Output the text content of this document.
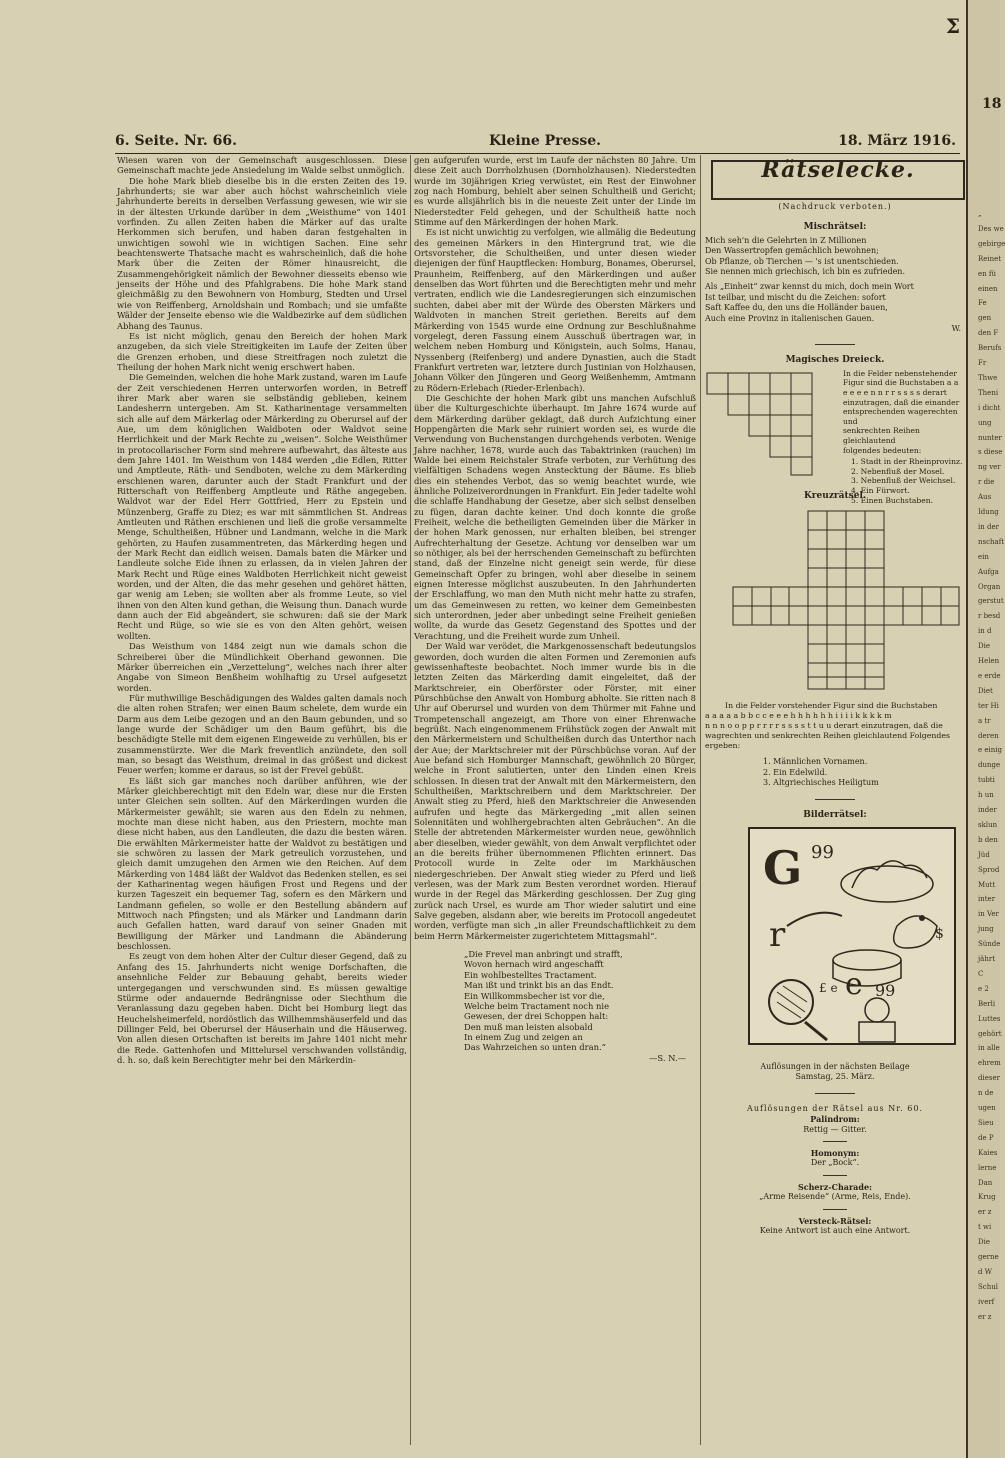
Σ
6. Seite. Nr. 66.	Kleine Presse.	18. März 1916.

Wiesen waren von der Gemeinschaft ausgeschlossen. Diese Gemeinschaft machte jede Ansiedelung im Walde selbst unmöglich.

Die hohe Mark blieb dieselbe bis in die ersten Zeiten des 19. Jahrhunderts; sie war aber auch höchst wahrscheinlich viele Jahrhunderte bereits in derselben Verfassung gewesen, wie wir sie in der ältesten Urkunde darüber in dem „Weisthume“ von 1401 vorfinden. Zu allen Zeiten haben die Märker auf das uralte Herkommen sich berufen, und haben daran festgehalten in unwichtigen sowohl wie in wichtigen Sachen. Eine sehr beachtenswerte Thatsache macht es wahrscheinlich, daß die hohe Mark über die Zeiten der Römer hinausreicht, die Zusammengehörigkeit nämlich der Bewohner diesseits ebenso wie jenseits der Höhe und des Pfahlgrabens. Die hohe Mark stand gleichmäßig zu den Bewohnern von Homburg, Stedten und Ursel wie von Reiffenberg, Arnoldshain und Rombach; und sie umfaßte Wälder der Jenseite ebenso wie die Waldbezirke auf dem südlichen Abhang des Taunus.

Es ist nicht möglich, genau den Bereich der hohen Mark anzugeben, da sich viele Streitigkeiten im Laufe der Zeiten über die Grenzen erhoben, und diese Streitfragen noch zuletzt die Theilung der hohen Mark nicht wenig erschwert haben.

Die Gemeinden, welchen die hohe Mark zustand, waren im Laufe der Zeit verschiedenen Herren unterworfen worden, in Betreff ihrer Mark aber waren sie selbständig geblieben, keinem Landesherrn untergeben. Am St. Katharinentage versammelten sich alle auf dem Märkerlag oder Märkerding zu Oberursel auf der Aue, um dem königlichen Waldboten oder Waldvot seine Herrlichkeit und der Mark Rechte zu „weisen“. Solche Weisthümer in protocollarischer Form sind mehrere aufbewahrt, das älteste aus dem Jahre 1401. Im Weisthum von 1484 werden „die Edlen, Ritter und Amptleute, Räth- und Sendboten, welche zu dem Märkerding erschienen waren, darunter auch der Stadt Frankfurt und der Ritterschaft von Reiffenberg Amptleute und Räthe angegeben. Waldvot war der Edel Herr Gottfried, Herr zu Epstein und Münzenberg, Graffe zu Diez; es war mit sämmtlichen St. Andreas Amtleuten und Räthen erschienen und ließ die große versammelte Menge, Schultheißen, Hübner und Landmann, welche in die Mark gehörten, zu Haufen zusammentreten, das Märkerding hegen und der Mark Recht dan eidlich weisen. Damals baten die Märker und Landleute solche Eide ihnen zu erlassen, da in vielen Jahren der Mark Recht und Rüge eines Waldboten Herrlichkeit nicht geweist worden, und der Alten, die das mehr gesehen und gehöret hätten, gar wenig am Leben; sie wollten aber als fromme Leute, so viel ihnen von den Alten kund gethan, die Weisung thun. Danach wurde dann auch der Eid abgeändert, sie schwuren: daß sie der Mark Recht und Rüge, so wie sie es von den Alten gehört, weisen wollten.

Das Weisthum von 1484 zeigt nun wie damals schon die Schreiberei über die Mündlichkeit Oberhand gewonnen. Die Märker überreichen ein „Verzettelung“, welches nach ihrer alter Angabe von Simeon Benßheim wohlhaftig zu Ursel aufgesetzt worden.

Für muthwillige Beschädigungen des Waldes galten damals noch die alten rohen Strafen; wer einen Baum schelete, dem wurde ein Darm aus dem Leibe gezogen und an den Baum gebunden, und so lange wurde der Schädiger um den Baum geführt, bis die beschädigte Stelle mit dem eigenen Eingeweide zu verhüllen, bis er zusammenstürzte. Wer die Mark freventlich anzündete, den soll man, so besagt das Weisthum, dreimal in das größest und dickest Feuer werfen; komme er daraus, so ist der Frevel gebüßt.

Es läßt sich gar manches noch darüber anführen, wie der Märker gleichberechtigt mit den Edeln war, diese nur die Ersten unter Gleichen sein sollten. Auf den Märkerdingen wurden die Märkermeister gewählt; sie waren aus den Edeln zu nehmen, mochte man diese nicht haben, aus den Priestern, mochte man diese nicht haben, aus den Landleuten, die dazu die besten wären. Die erwählten Märkermeister hatte der Waldvot zu bestätigen und sie schwören zu lassen der Mark getreulich vorzustehen, und gleich damit umzugehen den Armen wie den Reichen. Auf dem Märkerding von 1484 läßt der Waldvot das Bedenken stellen, es sei der Katharinentag wegen häufigen Frost und Regens und der kurzen Tageszeit ein bequemer Tag, sofern es den Märkern und Landmann gefielen, so wolle er den Bestellung abändern auf Mittwoch nach Pfingsten; und als Märker und Landmann darin auch Gefallen hatten, ward darauf von seiner Gnaden mit Bewilligung der Märker und Landmann die Abänderung beschlossen.

Es zeugt von dem hohen Alter der Cultur dieser Gegend, daß zu Anfang des 15. Jahrhunderts nicht wenige Dorfschaften, die ansehnliche Felder zur Bebauung gehabt, bereits wieder untergegangen und verschwunden sind. Es müssen gewaltige Stürme oder andauernde Bedrängnisse oder Siechthum die Veranlassung dazu gegeben haben. Dicht bei Homburg liegt das Heuchelsheimerfeld, nordöstlich das Willhemmshäuserfeld und das Dillinger Feld, bei Oberursel der Häuserhain und die Häuserweg. Von allen diesen Ortschaften ist bereits im Jahre 1401 nicht mehr die Rede. Gattenhofen und Mittelursel verschwanden vollständig, d. h. so, daß kein Berechtigter mehr bei den Märkerdin-

gen aufgerufen wurde, erst im Laufe der nächsten 80 Jahre. Um diese Zeit auch Dorrholzhusen (Dornholzhausen). Niederstedten wurde im 30jährigen Krieg verwüstet, ein Rest der Einwohner zog nach Homburg, behielt aber seinen Schultheiß und Gericht; es wurde allsjährlich bis in die neueste Zeit unter der Linde im Niederstedter Feld gehegen, und der Schultheiß hatte noch Stimme auf den Märkerdingen der hohen Mark.

Es ist nicht unwichtig zu verfolgen, wie allmälig die Bedeutung des gemeinen Märkers in den Hintergrund trat, wie die Ortsvorsteher, die Schultheißen, und unter diesen wieder diejenigen der fünf Hauptflecken: Homburg, Bonames, Oberursel, Praunheim, Reiffenberg, auf den Märkerdingen und außer denselben das Wort führten und die Berechtigten mehr und mehr vertraten, endlich wie die Landesregierungen sich einzumischen suchten, dabei aber mit der Würde des Obersten Märkers und Waldvoten in manchen Streit geriethen. Bereits auf dem Märkerding von 1545 wurde eine Ordnung zur Beschlußnahme vorgelegt, deren Fassung einem Ausschuß übertragen war, in welchem neben Homburg und Königstein, auch Solms, Hanau, Nyssenberg (Reifenberg) und andere Dynastien, auch die Stadt Frankfurt vertreten war, letztere durch Justinian von Holzhausen, Johann Völker den Jüngeren und Georg Weißenhemm, Amtmann zu Rödern-Erlebach (Rieder-Erlenbach).

Die Geschichte der hohen Mark gibt uns manchen Aufschluß über die Kulturgeschichte überhaupt. Im Jahre 1674 wurde auf dem Märkerding darüber geklagt, daß durch Aufzichtung einer Hoppengärten die Mark sehr ruiniert worden sei, es wurde die Verwendung von Buchenstangen durchgehends verboten. Wenige Jahre nachher, 1678, wurde auch das Tabaktrinken (rauchen) im Walde bei einem Reichstaler Strafe verboten, zur Verhütung des vielfältigen Schadens wegen Anstecktung der Bäume. Es blieb dies ein stehendes Verbot, das so wenig beachtet wurde, wie ähnliche Polizeiverordnungen in Frankfurt. Ein Jeder tadelte wohl die schlaffe Handhabung der Gesetze, aber sich selbst denselben zu fügen, daran dachte keiner. Und doch konnte die große Freiheit, welche die betheiligten Gemeinden über die Märker in der hohen Mark genossen, nur erhalten bleiben, bei strenger Aufrechterhaltung der Gesetze. Achtung vor denselben war um so nöthiger, als bei der herrschenden Gemeinschaft zu befürchten stand, daß der Einzelne nicht geneigt sein werde, für diese Gemeinschaft Opfer zu bringen, wohl aber dieselbe in seinem eignen Interesse möglichst auszubeuten. In den Jahrhunderten der Erschlaffung, wo man den Muth nicht mehr hatte zu strafen, um das Gemeinwesen zu retten, wo keiner dem Gemeinbesten sich unterordnen, jeder aber unbedingt seine Freiheit genießen wollte, da wurde das Gesetz Gegenstand des Spottes und der Verachtung, und die Freiheit wurde zum Unheil.

Der Wald war verödet, die Markgenossenschaft bedeutungslos geworden, doch wurden die alten Formen und Zeremonien aufs gewissenhafteste beobachtet. Noch immer wurde bis in die letzten Zeiten das Märkerding damit eingeleitet, daß der Marktschreier, ein Oberförster oder Förster, mit einer Pürschbüchse den Anwalt von Homburg abholte. Sie ritten nach 8 Uhr auf Oberursel und wurden von dem Thürmer mit Fahne und Trompetenschall angezeigt, am Thore von einer Ehrenwache begrüßt. Nach eingenommenem Frühstück zogen der Anwalt mit den Märkermeistern und Schultheißen durch das Unterthor nach der Aue; der Marktschreier mit der Pürschbüchse voran. Auf der Aue befand sich Homburger Mannschaft, gewöhnlich 20 Bürger, welche in Front salutierten, unter den Linden einen Kreis schlossen. In diesen trat der Anwalt mit den Märkermeistern, den Schultheißen, Marktschreibern und dem Marktschreier. Der Anwalt stieg zu Pferd, hieß den Marktschreier die Anwesenden aufrufen und hegte das Märkergeding „mit allen seinen Solennitäten und wohlhergebrachten alten Gebräuchen“. An die Stelle der abtretenden Märkermeister wurden neue, gewöhnlich aber dieselben, wieder gewählt, von dem Anwalt verpflichtet oder an die bereits früher übernommenen Pflichten erinnert. Das Protocoll wurde in Zelte oder im Markhäuschen niedergeschrieben. Der Anwalt stieg wieder zu Pferd und ließ verlesen, was der Mark zum Besten verordnet worden. Hierauf wurde in der Regel das Märkerding geschlossen. Der Zug ging zurück nach Ursel, es wurde am Thor wieder salutirt und eine Salve gegeben, alsdann aber, wie bereits im Protocoll angedeutet worden, verfügte man sich „in aller Freundschaftlichkeit zu dem beim Herrn Märkermeister zugerichtetem Mittagsmahl“.

„Die Frevel man anbringt und strafft,
Wovon hernach wird angeschafft
Ein wohlbestelltes Tractament.
Man ißt und trinkt bis an das Endt.
Ein Willkommsbecher ist vor die,
Welche beim Tractament noch nie
Gewesen, der drei Schoppen halt:
Den muß man leisten alsobald
In einem Zug und zeigen an
Das Wahrzeichen so unten dran.“
—S. N.—
Rätselecke.
(Nachdruck verboten.)
Mischrätsel:

Mich seh'n die Gelehrten in Z Millionen

Den Wassertropfen gemächlich bewohnen;

Ob Pflanze, ob Tierchen — 's ist unentschieden.

Sie nennen mich griechisch, ich bin es zufrieden.

Als „Einheit“ zwar kennst du mich, doch mein Wort

Ist teilbar, und mischt du die Zeichen: sofort

Saft Kaffee du, den uns die Holländer bauen,

Auch eine Provinz in italienischen Gauen.

W.
Magisches Dreieck.
In die Felder nebenstehender
Figur sind die Buchstaben a a
e e e e n n r r s s s s derart
einzutragen, daß die einander
entsprechenden wagerechten und
senkrechten Reihen gleichlautend
folgendes bedeuten:
1. Stadt in der Rheinprovinz.
2. Nebenfluß der Mosel.
3. Nebenfluß der Weichsel.
4. Ein Fürwort.
5. Einen Buchstaben.
Kreuzrätsel.
In die Felder vorstehender Figur sind die Buchstaben
a a a a a b b c c e e e h h h h h h i i i i k k k k m
n n n o o p p r r r r s s s s t t u u derart einzutragen, daß die wagrechten und senkrechten Reihen gleichlautend Folgendes ergeben:

1. Männlichen Vornamen.

2. Ein Edelwild.

3. Altgriechisches Heiligtum

Bilderrätsel:
G 99
r	$
£ e e 99
Auflösungen in der nächsten Beilage
Samstag, 25. März.
Auflösungen der Rätsel aus Nr. 60.

Palindrom:

Rettig — Gitter.

Homonym:

Der „Bock“.

Scherz-Charade:

„Arme Reisende“ (Arme, Reis, Ende).

Versteck-Rätsel:

Keine Antwort ist auch eine Antwort.

18
„
Des we
gebirge
Reinet
en fü
einen
Fe
gen
den F
Berufs
Fr
Thwe
Theni
i dicht
ung
nunter
s diese
ng ver
r die
Aus
Idung
in der
nschaft
ein
Aufga
Organ
gerstut
r besd
in d
Die
Helen
e erde
Diet
ter Hi
a tr
deren
e einig
dunge
tubti
h un
inder
sklun
b den
Jüd
Sprod
Mutt
inter
in Ver
jung
Sünde
jährt
C
e 2
Berli
Luttes
gehört
in alle
ehrem
dieser
n de
ugen
Sieu
de P
Kaies
lerne
Dan
Krug
er z
t wi
Die
gerne
d W
Schul
iverf
er z
